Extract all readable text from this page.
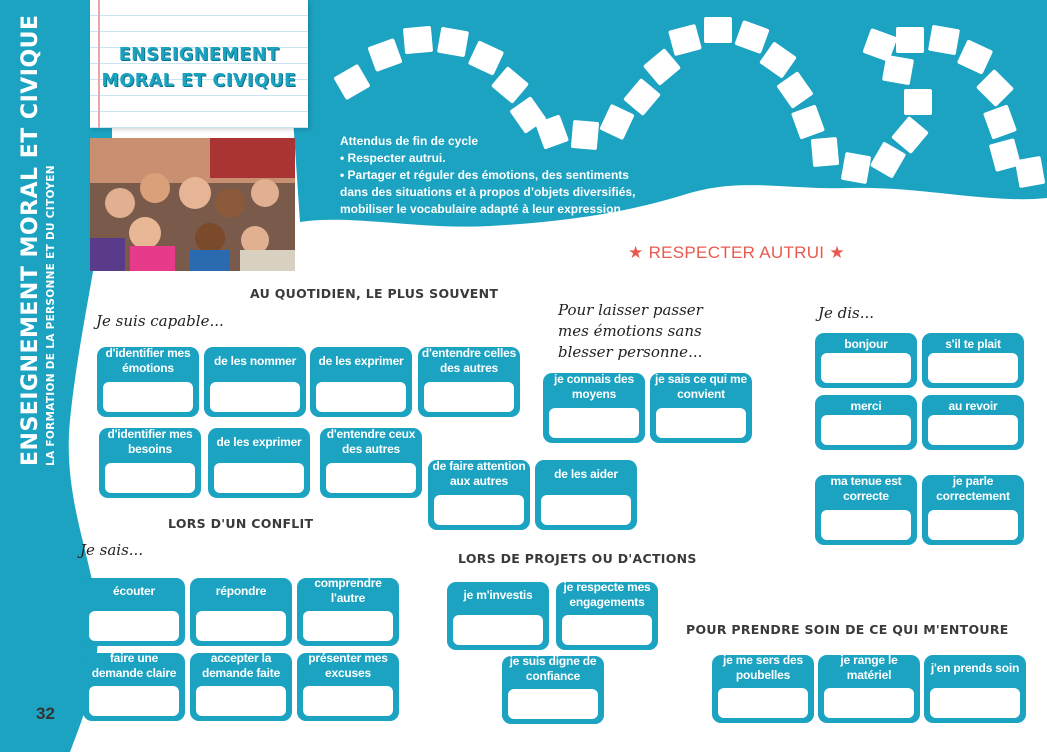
ENSEIGNEMENT MORAL ET CIVIQUE LA FORMATION DE LA PERSONNE ET DU CITOYEN
32
ENSEIGNEMENT
MORAL ET CIVIQUE

Attendus de fin de cycle

• Respecter autrui.

• Partager et réguler des émotions, des sentiments dans des situations et à propos d’objets diversifiés, mobiliser le vocabulaire adapté à leur expression.

★ RESPECTER AUTRUI ★
AU QUOTIDIEN, LE PLUS SOUVENT
LORS D'UN CONFLIT
LORS DE PROJETS OU D'ACTIONS
POUR PRENDRE SOIN DE CE QUI M'ENTOURE
Je suis capable...
Pour laisser passer
mes émotions sans
blesser personne...
Je dis...
Je sais...
d'identifier mes émotions
de les nommer	de les exprimer
d'entendre celles des autres
d'identifier mes besoins
de les exprimer
d'entendre ceux des autres
de faire attention aux autres
de les aider
je connais des moyens
je sais ce qui me convient
bonjour	s'il te plait
merci	au revoir
ma tenue est correcte
je parle correctement
écouter	répondre
comprendre l'autre
faire une demande claire
accepter la demande faite
présenter mes excuses
je m'investis
je respecte mes engagements
je suis digne de confiance
je me sers des poubelles
je range le matériel
j'en prends soin
